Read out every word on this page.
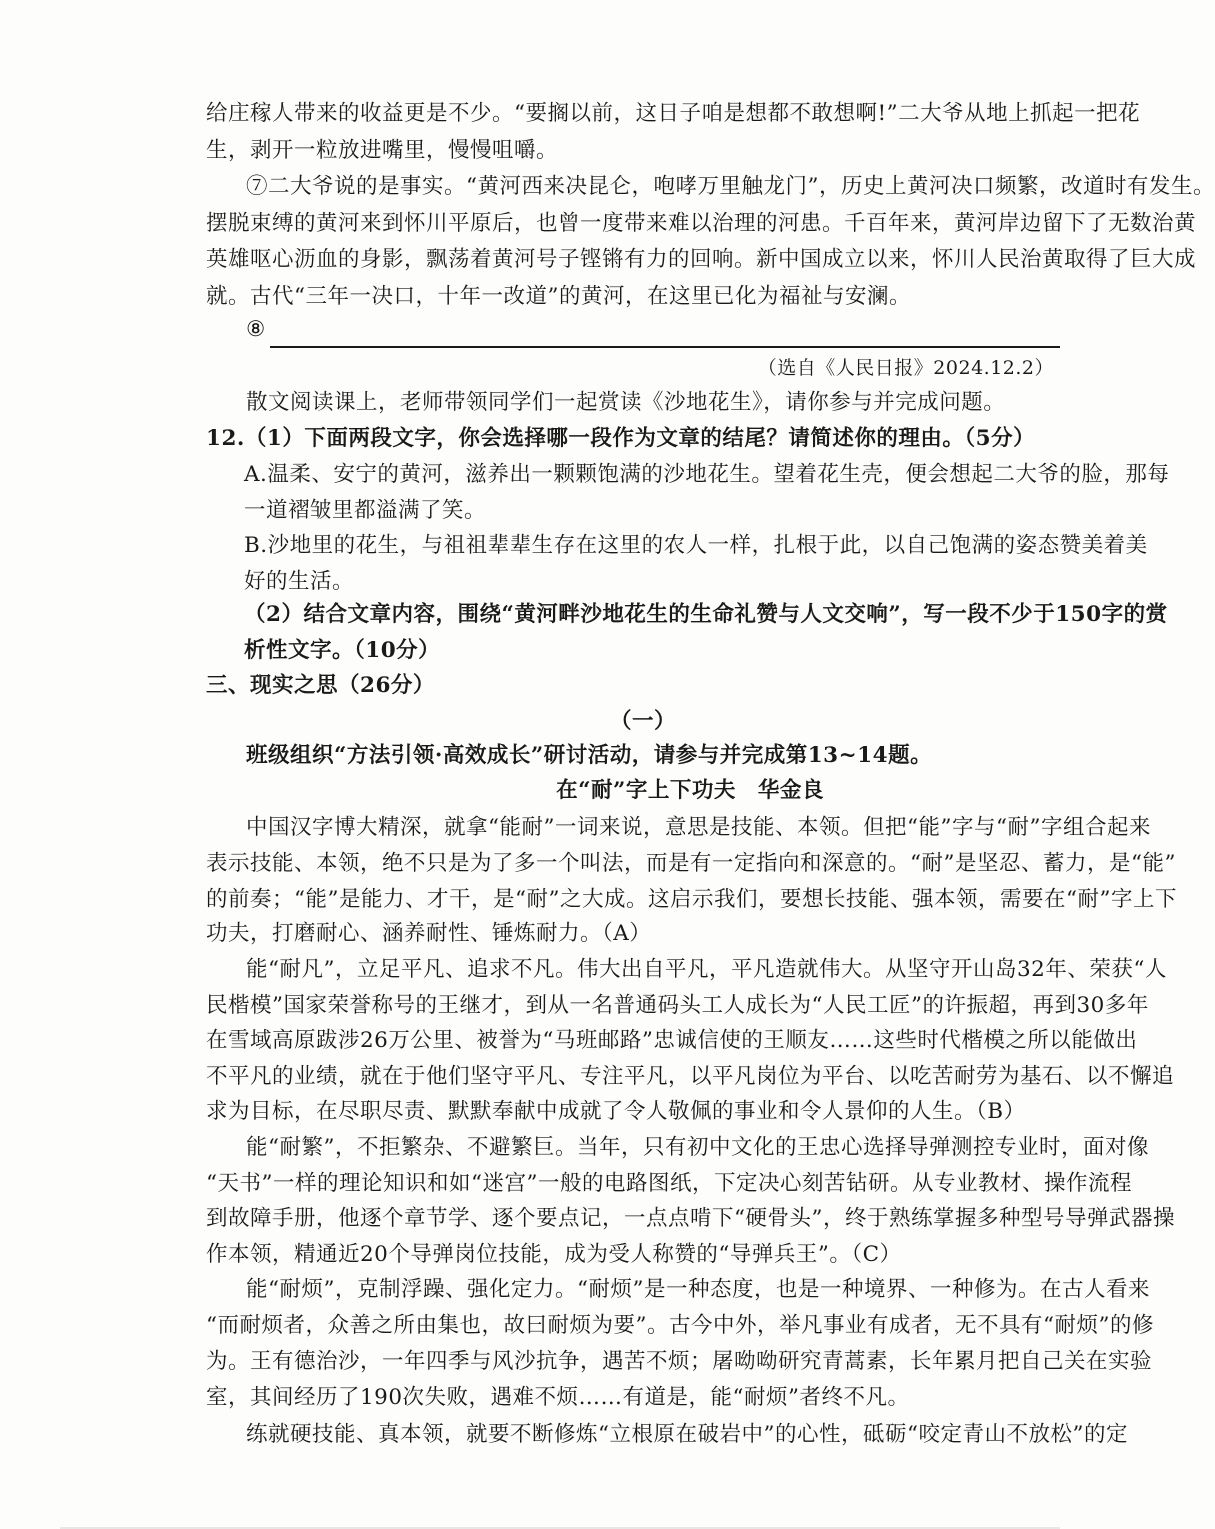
给庄稼人带来的收益更是不少。“要搁以前，这日子咱是想都不敢想啊!”二大爷从地上抓起一把花
生，剥开一粒放进嘴里，慢慢咀嚼。
⑦二大爷说的是事实。“黄河西来决昆仑，咆哮万里触龙门”，历史上黄河决口频繁，改道时有发生。
摆脱束缚的黄河来到怀川平原后，也曾一度带来难以治理的河患。千百年来，黄河岸边留下了无数治黄
英雄呕心沥血的身影，飘荡着黄河号子铿锵有力的回响。新中国成立以来，怀川人民治黄取得了巨大成
就。古代“三年一决口，十年一改道”的黄河，在这里已化为福祉与安澜。
⑧
（选自《人民日报》2024.12.2）
散文阅读课上，老师带领同学们一起赏读《沙地花生》，请你参与并完成问题。
12.（1）下面两段文字，你会选择哪一段作为文章的结尾？请简述你的理由。（5分）
A.温柔、安宁的黄河，滋养出一颗颗饱满的沙地花生。望着花生壳，便会想起二大爷的脸，那每
一道褶皱里都溢满了笑。
B.沙地里的花生，与祖祖辈辈生存在这里的农人一样，扎根于此，以自己饱满的姿态赞美着美
好的生活。
（2）结合文章内容，围绕“黄河畔沙地花生的生命礼赞与人文交响”，写一段不少于150字的赏
析性文字。（10分）
三、现实之思（26分）
（一）
班级组织“方法引领·高效成长”研讨活动，请参与并完成第13~14题。
在“耐”字上下功夫　华金良
中国汉字博大精深，就拿“能耐”一词来说，意思是技能、本领。但把“能”字与“耐”字组合起来
表示技能、本领，绝不只是为了多一个叫法，而是有一定指向和深意的。“耐”是坚忍、蓄力，是“能”
的前奏；“能”是能力、才干，是“耐”之大成。这启示我们，要想长技能、强本领，需要在“耐”字上下
功夫，打磨耐心、涵养耐性、锤炼耐力。（A）
能“耐凡”，立足平凡、追求不凡。伟大出自平凡，平凡造就伟大。从坚守开山岛32年、荣获“人
民楷模”国家荣誉称号的王继才，到从一名普通码头工人成长为“人民工匠”的许振超，再到30多年
在雪域高原跋涉26万公里、被誉为“马班邮路”忠诚信使的王顺友……这些时代楷模之所以能做出
不平凡的业绩，就在于他们坚守平凡、专注平凡，以平凡岗位为平台、以吃苦耐劳为基石、以不懈追
求为目标，在尽职尽责、默默奉献中成就了令人敬佩的事业和令人景仰的人生。（B）
能“耐繁”，不拒繁杂、不避繁巨。当年，只有初中文化的王忠心选择导弹测控专业时，面对像
“天书”一样的理论知识和如“迷宫”一般的电路图纸，下定决心刻苦钻研。从专业教材、操作流程
到故障手册，他逐个章节学、逐个要点记，一点点啃下“硬骨头”，终于熟练掌握多种型号导弹武器操
作本领，精通近20个导弹岗位技能，成为受人称赞的“导弹兵王”。（C）
能“耐烦”，克制浮躁、强化定力。“耐烦”是一种态度，也是一种境界、一种修为。在古人看来
“而耐烦者，众善之所由集也，故曰耐烦为要”。古今中外，举凡事业有成者，无不具有“耐烦”的修
为。王有德治沙，一年四季与风沙抗争，遇苦不烦；屠呦呦研究青蒿素，长年累月把自己关在实验
室，其间经历了190次失败，遇难不烦……有道是，能“耐烦”者终不凡。
练就硬技能、真本领，就要不断修炼“立根原在破岩中”的心性，砥砺“咬定青山不放松”的定
